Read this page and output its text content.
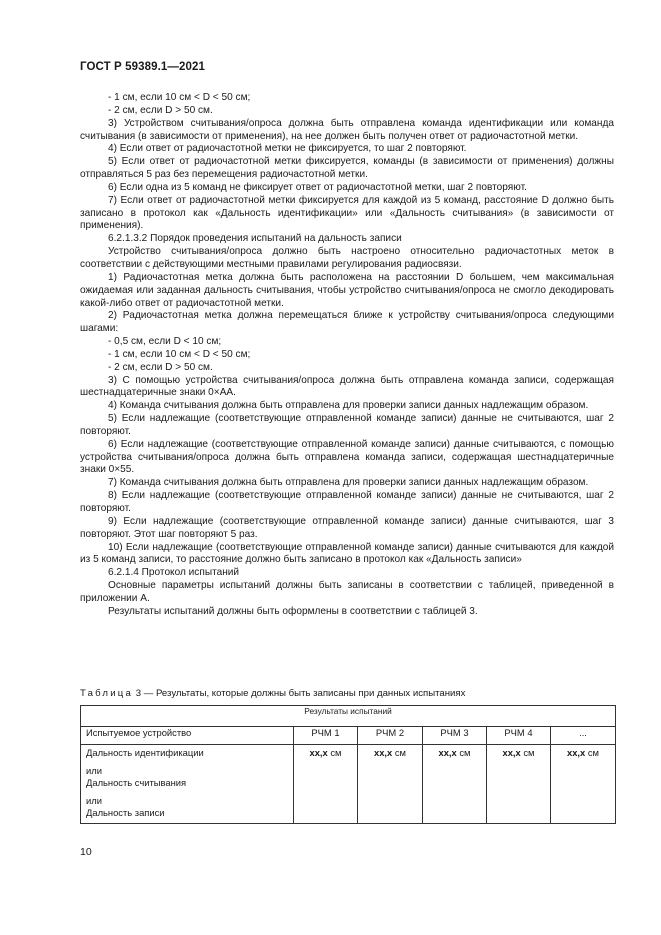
ГОСТ Р 59389.1—2021
- 1 см, если 10 см < D < 50 см;
- 2 см, если D > 50 см.
3) Устройством считывания/опроса должна быть отправлена команда идентификации или команда считывания (в зависимости от применения), на нее должен быть получен ответ от радиочастотной метки.
4) Если ответ от радиочастотной метки не фиксируется, то шаг 2 повторяют.
5) Если ответ от радиочастотной метки фиксируется, команды (в зависимости от применения) должны отправляться 5 раз без перемещения радиочастотной метки.
6) Если одна из 5 команд не фиксирует ответ от радиочастотной метки, шаг 2 повторяют.
7) Если ответ от радиочастотной метки фиксируется для каждой из 5 команд, расстояние D должно быть записано в протокол как «Дальность идентификации» или «Дальность считывания» (в зависимости от применения).
6.2.1.3.2 Порядок проведения испытаний на дальность записи
Устройство считывания/опроса должно быть настроено относительно радиочастотных меток в соответствии с действующими местными правилами регулирования радиосвязи.
1) Радиочастотная метка должна быть расположена на расстоянии D большем, чем максимальная ожидаемая или заданная дальность считывания, чтобы устройство считывания/опроса не смогло декодировать какой-либо ответ от радиочастотной метки.
2) Радиочастотная метка должна перемещаться ближе к устройству считывания/опроса следующими шагами:
- 0,5 см, если D < 10 см;
- 1 см, если 10 см < D < 50 см;
- 2 см, если D > 50 см.
3) С помощью устройства считывания/опроса должна быть отправлена команда записи, содержащая шестнадцатеричные знаки 0×АА.
4) Команда считывания должна быть отправлена для проверки записи данных надлежащим образом.
5) Если надлежащие (соответствующие отправленной команде записи) данные не считываются, шаг 2 повторяют.
6) Если надлежащие (соответствующие отправленной команде записи) данные считываются, с помощью устройства считывания/опроса должна быть отправлена команда записи, содержащая шестнадцатеричные знаки 0×55.
7) Команда считывания должна быть отправлена для проверки записи данных надлежащим образом.
8) Если надлежащие (соответствующие отправленной команде записи) данные не считываются, шаг 2 повторяют.
9) Если надлежащие (соответствующие отправленной команде записи) данные считываются, шаг 3 повторяют. Этот шаг повторяют 5 раз.
10) Если надлежащие (соответствующие отправленной команде записи) данные считываются для каждой из 5 команд записи, то расстояние должно быть записано в протокол как «Дальность записи»
6.2.1.4 Протокол испытаний
Основные параметры испытаний должны быть записаны в соответствии с таблицей, приведенной в приложении А.
Результаты испытаний должны быть оформлены в соответствии с таблицей 3.
Таблица 3 — Результаты, которые должны быть записаны при данных испытаниях
Результаты испытаний					
Испытуемое устройство	РЧМ 1	РЧМ 2	РЧМ 3	РЧМ 4	...

Дальность идентификации
или
Дальность считывания
или
Дальность записи	хх,х см	хх,х см	хх,х см	хх,х см	хх,х см
10
